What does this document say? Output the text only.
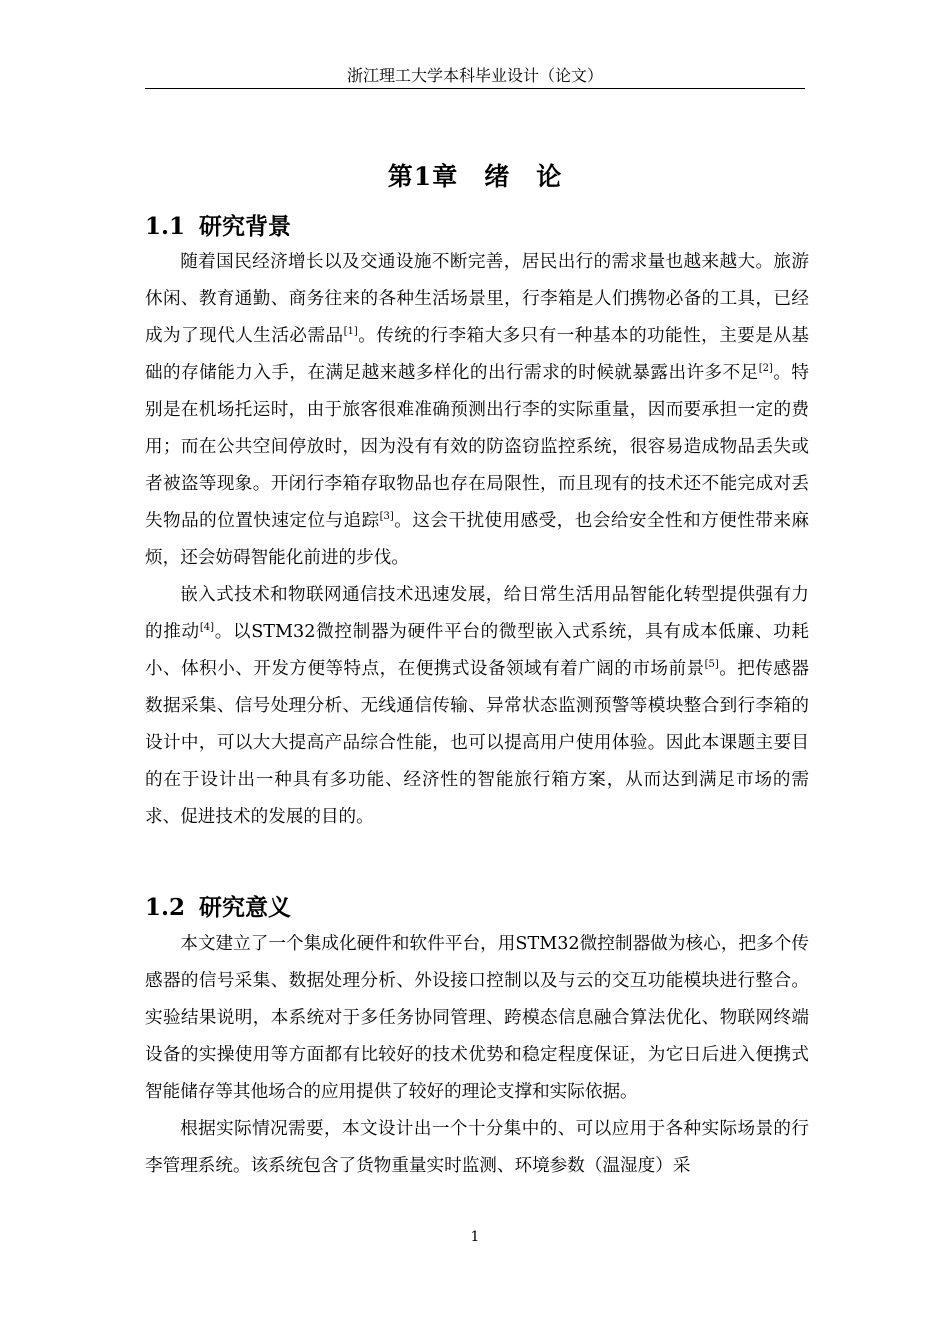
浙江理工大学本科毕业设计（论文）
第1章　绪　论
1.1 研究背景

随着国民经济增长以及交通设施不断完善，居民出行的需求量也越来越大。旅游休闲、教育通勤、商务往来的各种生活场景里，行李箱是人们携物必备的工具，已经成为了现代人生活必需品[1]。传统的行李箱大多只有一种基本的功能性，主要是从基础的存储能力入手，在满足越来越多样化的出行需求的时候就暴露出许多不足[2]。特别是在机场托运时，由于旅客很难准确预测出行李的实际重量，因而要承担一定的费用；而在公共空间停放时，因为没有有效的防盗窃监控系统，很容易造成物品丢失或者被盗等现象。开闭行李箱存取物品也存在局限性，而且现有的技术还不能完成对丢失物品的位置快速定位与追踪[3]。这会干扰使用感受，也会给安全性和方便性带来麻烦，还会妨碍智能化前进的步伐。

嵌入式技术和物联网通信技术迅速发展，给日常生活用品智能化转型提供强有力的推动[4]。以STM32微控制器为硬件平台的微型嵌入式系统，具有成本低廉、功耗小、体积小、开发方便等特点，在便携式设备领域有着广阔的市场前景[5]。把传感器数据采集、信号处理分析、无线通信传输、异常状态监测预警等模块整合到行李箱的设计中，可以大大提高产品综合性能，也可以提高用户使用体验。因此本课题主要目的在于设计出一种具有多功能、经济性的智能旅行箱方案，从而达到满足市场的需求、促进技术的发展的目的。

1.2 研究意义

本文建立了一个集成化硬件和软件平台，用STM32微控制器做为核心，把多个传感器的信号采集、数据处理分析、外设接口控制以及与云的交互功能模块进行整合。实验结果说明，本系统对于多任务协同管理、跨模态信息融合算法优化、物联网终端设备的实操使用等方面都有比较好的技术优势和稳定程度保证，为它日后进入便携式智能储存等其他场合的应用提供了较好的理论支撑和实际依据。

根据实际情况需要，本文设计出一个十分集中的、可以应用于各种实际场景的行李管理系统。该系统包含了货物重量实时监测、环境参数（温湿度）采

1
